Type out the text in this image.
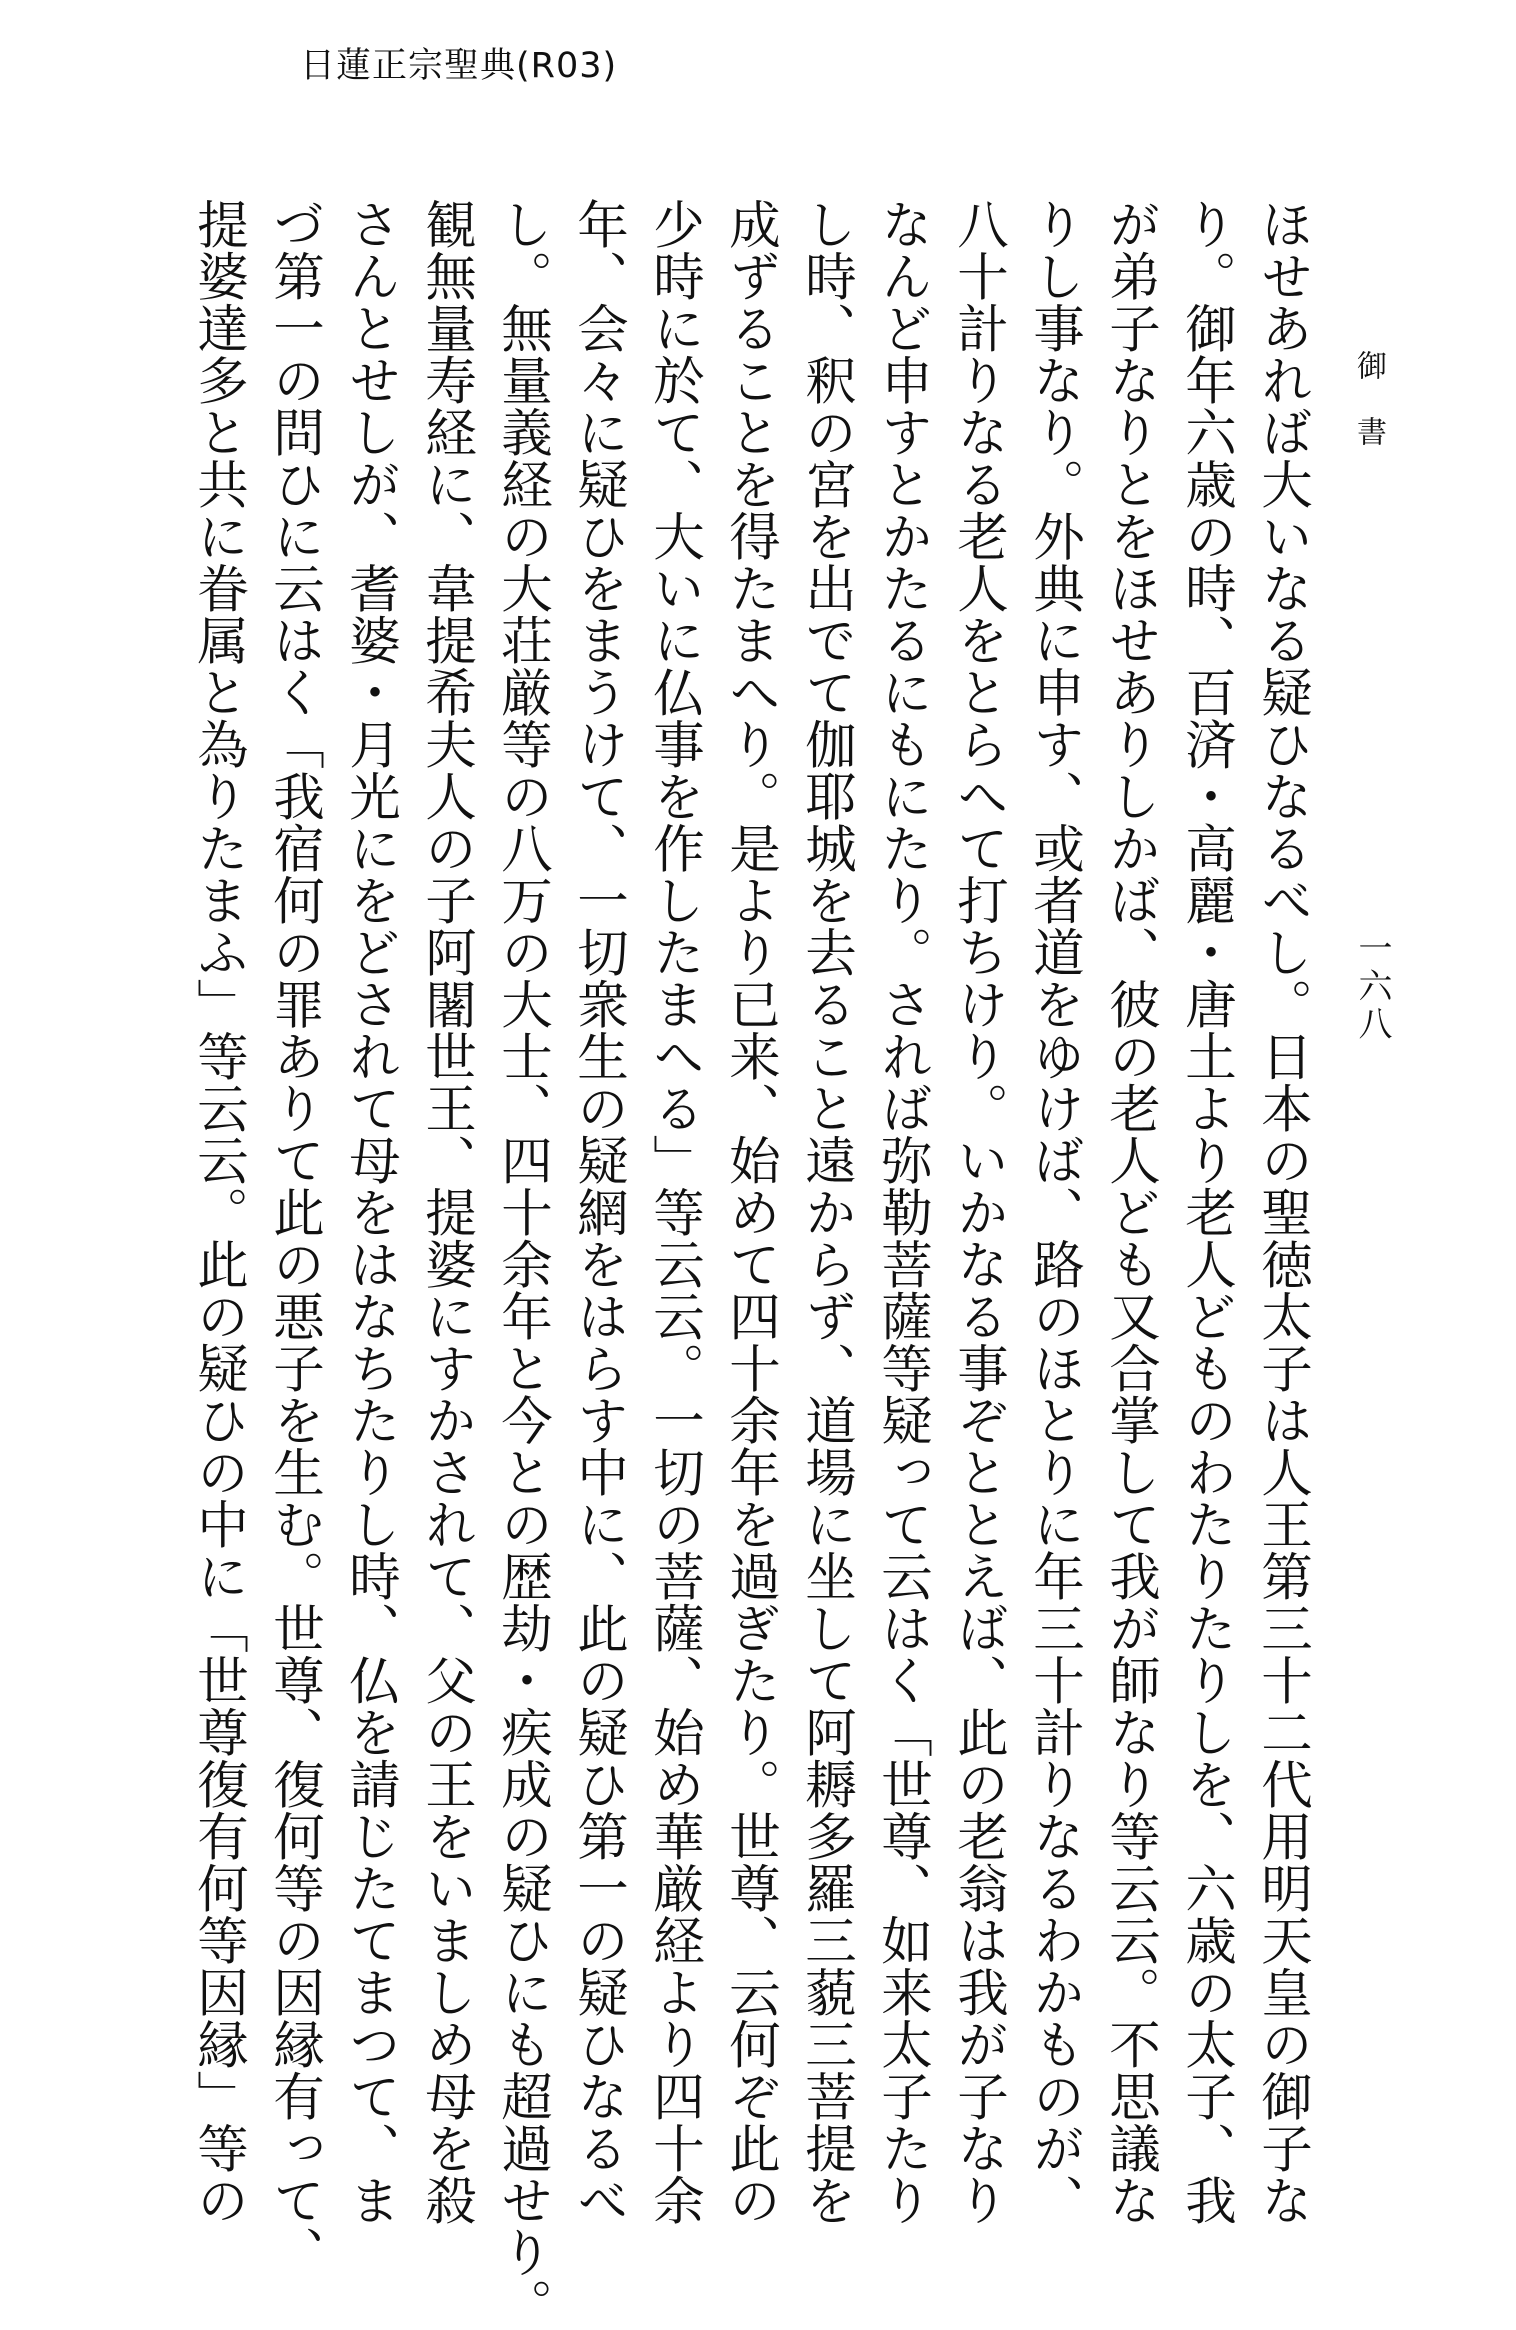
日蓮正宗聖典(R03)
御書
一六八
ほせあれば大いなる疑ひなるべし。日本の聖徳太子は人王第三十二代用明天皇の御子な
り。御年六歳の時、百済・高麗・唐土より老人どものわたりたりしを、六歳の太子、我
が弟子なりとをほせありしかば、彼の老人ども又合掌して我が師なり等云云。不思議な
りし事なり。外典に申す、或者道をゆけば、路のほとりに年三十計りなるわかものが、
八十計りなる老人をとらへて打ちけり。いかなる事ぞととえば、此の老翁は我が子なり
なんど申すとかたるにもにたり。されば弥勒菩薩等疑って云はく「世尊、如来太子たり
し時、釈の宮を出でて伽耶城を去ること遠からず、道場に坐して阿耨多羅三藐三菩提を
成ずることを得たまへり。是より已来、始めて四十余年を過ぎたり。世尊、云何ぞ此の
少時に於て、大いに仏事を作したまへる」等云云。一切の菩薩、始め華厳経より四十余
年、会々に疑ひをまうけて、一切衆生の疑網をはらす中に、此の疑ひ第一の疑ひなるべ
し。無量義経の大荘厳等の八万の大士、四十余年と今との歴劫・疾成の疑ひにも超過せり。
観無量寿経に、韋提希夫人の子阿闍世王、提婆にすかされて、父の王をいましめ母を殺
さんとせしが、耆婆・月光にをどされて母をはなちたりし時、仏を請じたてまつて、ま
づ第一の問ひに云はく「我宿何の罪ありて此の悪子を生む。世尊、復何等の因縁有って、
提婆達多と共に眷属と為りたまふ」等云云。此の疑ひの中に「世尊復有何等因縁」等の
